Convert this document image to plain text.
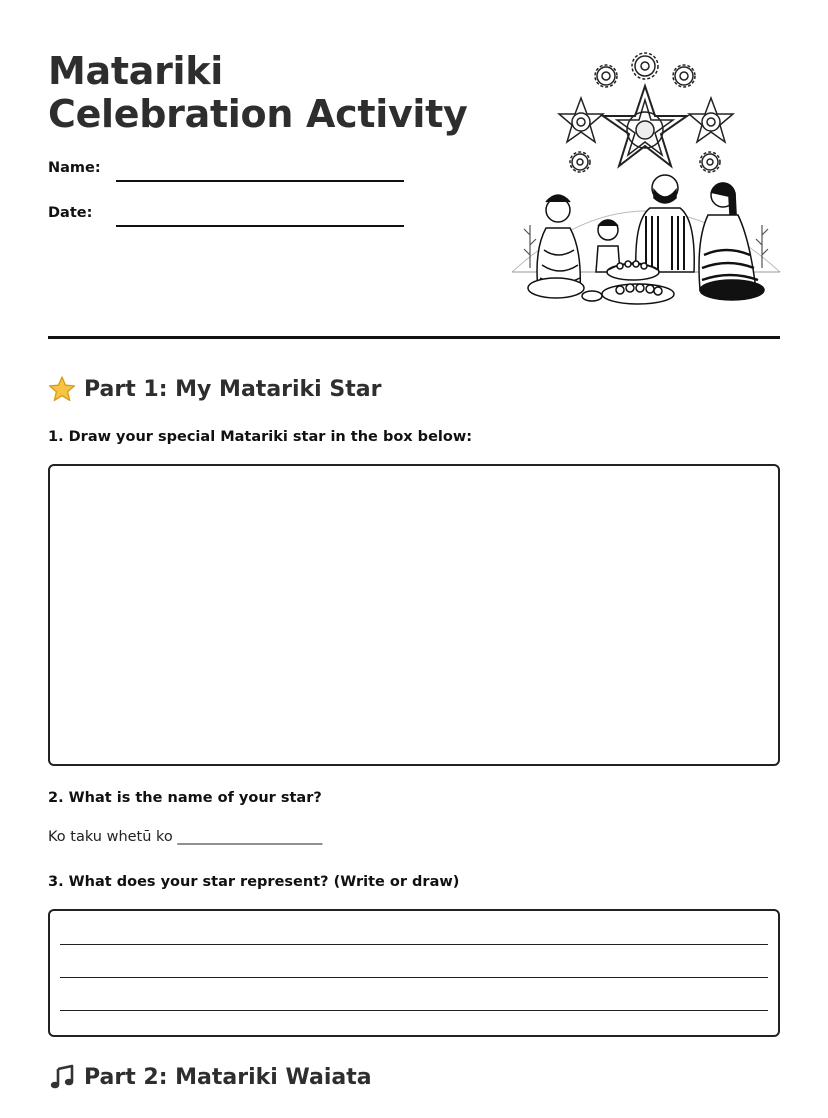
Matariki Celebration Activity
Name:
Date:
Part 1: My Matariki Star
1. Draw your special Matariki star in the box below:
2. What is the name of your star?
Ko taku whetū ko ____________________
3. What does your star represent? (Write or draw)
Part 2: Matariki Waiata
